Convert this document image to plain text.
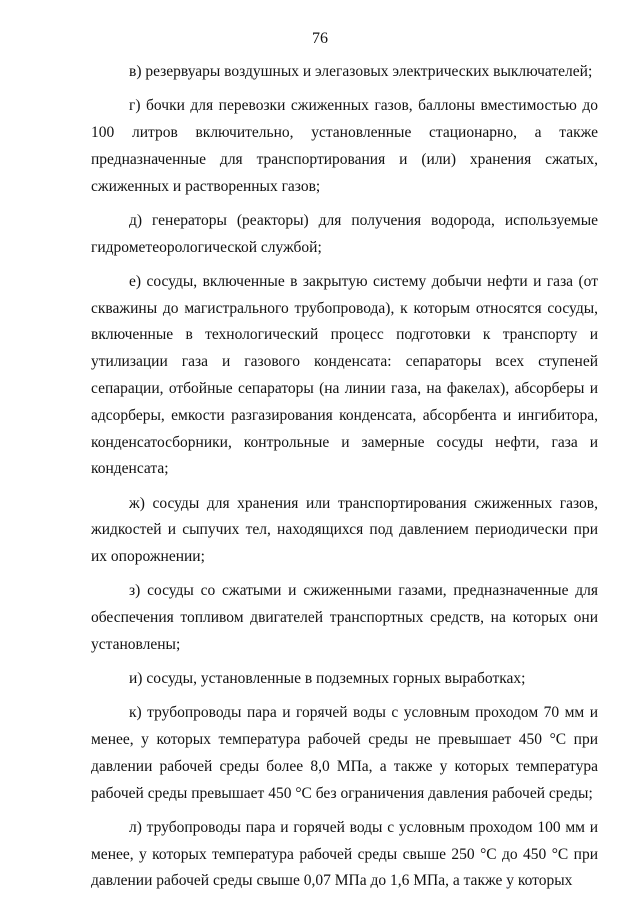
76

в) резервуары воздушных и элегазовых электрических выключателей;

г) бочки для перевозки сжиженных газов, баллоны вместимостью до 100 литров включительно, установленные стационарно, а также предназначенные для транспортирования и (или) хранения сжатых, сжиженных и растворенных газов;

д) генераторы (реакторы) для получения водорода, используемые гидрометеорологической службой;

е) сосуды, включенные в закрытую систему добычи нефти и газа (от скважины до магистрального трубопровода), к которым относятся сосуды, включенные в технологический процесс подготовки к транспорту и утилизации газа и газового конденсата: сепараторы всех ступеней сепарации, отбойные сепараторы (на линии газа, на факелах), абсорберы и адсорберы, емкости разгазирования конденсата, абсорбента и ингибитора, конденсатосборники, контрольные и замерные сосуды нефти, газа и конденсата;

ж) сосуды для хранения или транспортирования сжиженных газов, жидкостей и сыпучих тел, находящихся под давлением периодически при их опорожнении;

з) сосуды со сжатыми и сжиженными газами, предназначенные для обеспечения топливом двигателей транспортных средств, на которых они установлены;

и) сосуды, установленные в подземных горных выработках;

к) трубопроводы пара и горячей воды с условным проходом 70 мм и менее, у которых температура рабочей среды не превышает 450 °С при давлении рабочей среды более 8,0 МПа, а также у которых температура рабочей среды превышает 450 °С без ограничения давления рабочей среды;

л) трубопроводы пара и горячей воды с условным проходом 100 мм и менее, у которых температура рабочей среды свыше 250 °С до 450 °С при давлении рабочей среды свыше 0,07 МПа до 1,6 МПа, а также у которых
